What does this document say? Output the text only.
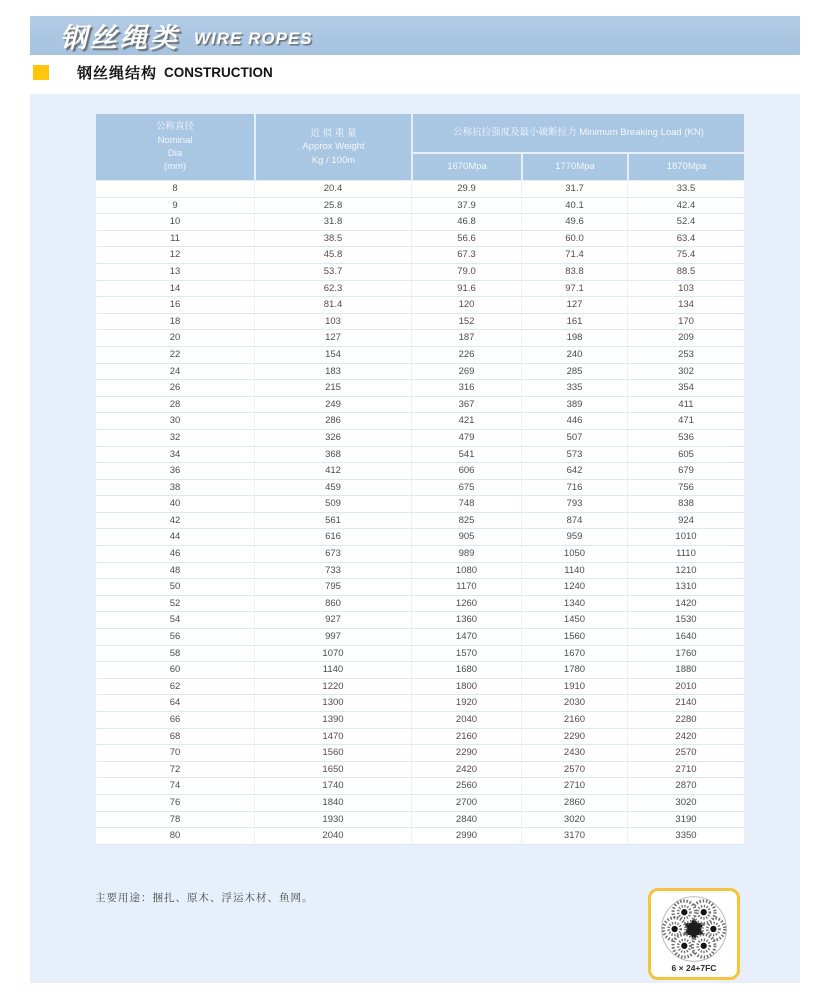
钢丝绳类 WIRE ROPES
钢丝绳结构 CONSTRUCTION
公称直径
Nominal
Dia
(mm)	近 似 重 量
Approx Weight
Kg / 100m	公称抗拉强度及最小破断拉力 Minimum Breaking Load (KN)		
		1670Mpa	1770Mpa	1870Mpa
8	20.4	29.9	31.7	33.5
9	25.8	37.9	40.1	42.4
10	31.8	46.8	49.6	52.4
11	38.5	56.6	60.0	63.4
12	45.8	67.3	71.4	75.4
13	53.7	79.0	83.8	88.5
14	62.3	91.6	97.1	103
16	81.4	120	127	134
18	103	152	161	170
20	127	187	198	209
22	154	226	240	253
24	183	269	285	302
26	215	316	335	354
28	249	367	389	411
30	286	421	446	471
32	326	479	507	536
34	368	541	573	605
36	412	606	642	679
38	459	675	716	756
40	509	748	793	838
42	561	825	874	924
44	616	905	959	1010
46	673	989	1050	1110
48	733	1080	1140	1210
50	795	1170	1240	1310
52	860	1260	1340	1420
54	927	1360	1450	1530
56	997	1470	1560	1640
58	1070	1570	1670	1760
60	1140	1680	1780	1880
62	1220	1800	1910	2010
64	1300	1920	2030	2140
66	1390	2040	2160	2280
68	1470	2160	2290	2420
70	1560	2290	2430	2570
72	1650	2420	2570	2710
74	1740	2560	2710	2870
76	1840	2700	2860	3020
78	1930	2840	3020	3190
80	2040	2990	3170	3350
主要用途：捆扎、原木、浮运木材、鱼网。
6 × 24+7FC
